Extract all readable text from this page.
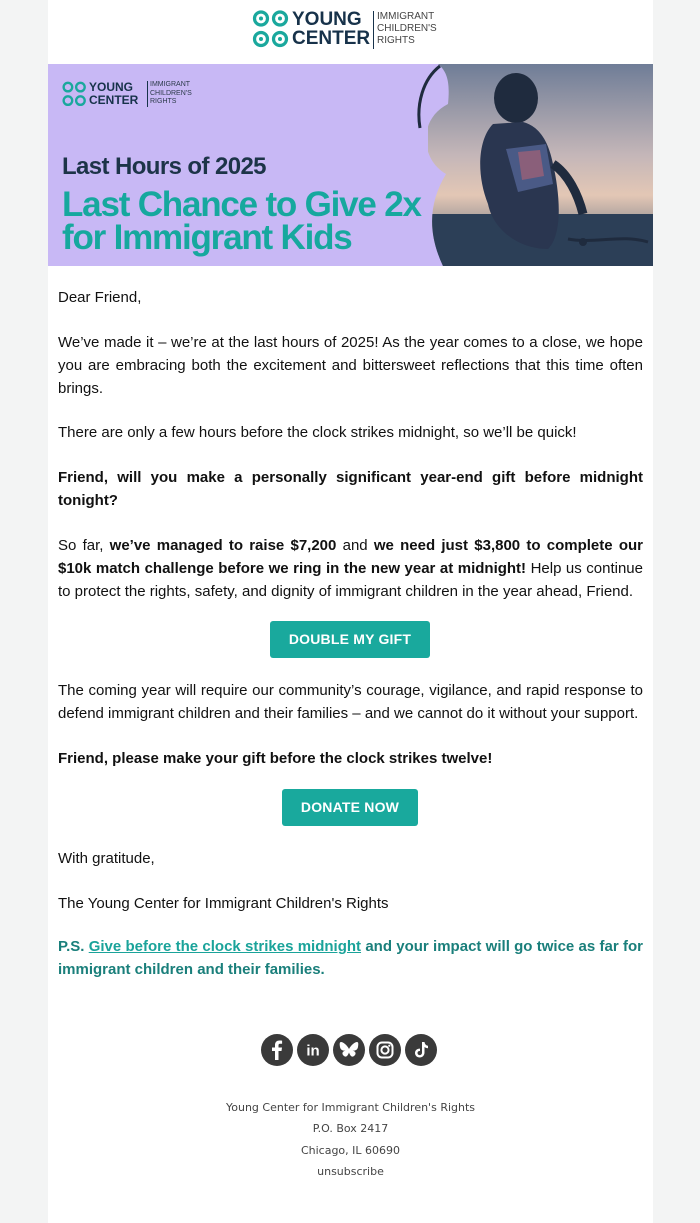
YOUNG
CENTER
IMMIGRANT CHILDREN'S RIGHTS
YOUNG
CENTER
IMMIGRANT CHILDREN'S RIGHTS
Last Hours of 2025
Last Chance to Give 2x for Immigrant Kids
Dear Friend,
We’ve made it – we’re at the last hours of 2025! As the year comes to a close, we hope you are embracing both the excitement and bittersweet reflections that this time often brings.
There are only a few hours before the clock strikes midnight, so we’ll be quick!
Friend, will you make a personally significant year-end gift before midnight tonight?
So far, we’ve managed to raise $7,200 and we need just $3,800 to complete our $10k match challenge before we ring in the new year at midnight! Help us continue to protect the rights, safety, and dignity of immigrant children in the year ahead, Friend.
DOUBLE MY GIFT
The coming year will require our community’s courage, vigilance, and rapid response to defend immigrant children and their families – and we cannot do it without your support.
Friend, please make your gift before the clock strikes twelve!
DONATE NOW
With gratitude,
The Young Center for Immigrant Children's Rights
P.S. Give before the clock strikes midnight and your impact will go twice as far for immigrant children and their families.
in
Young Center for Immigrant Children's Rights
P.O. Box 2417
Chicago, IL 60690
unsubscribe
